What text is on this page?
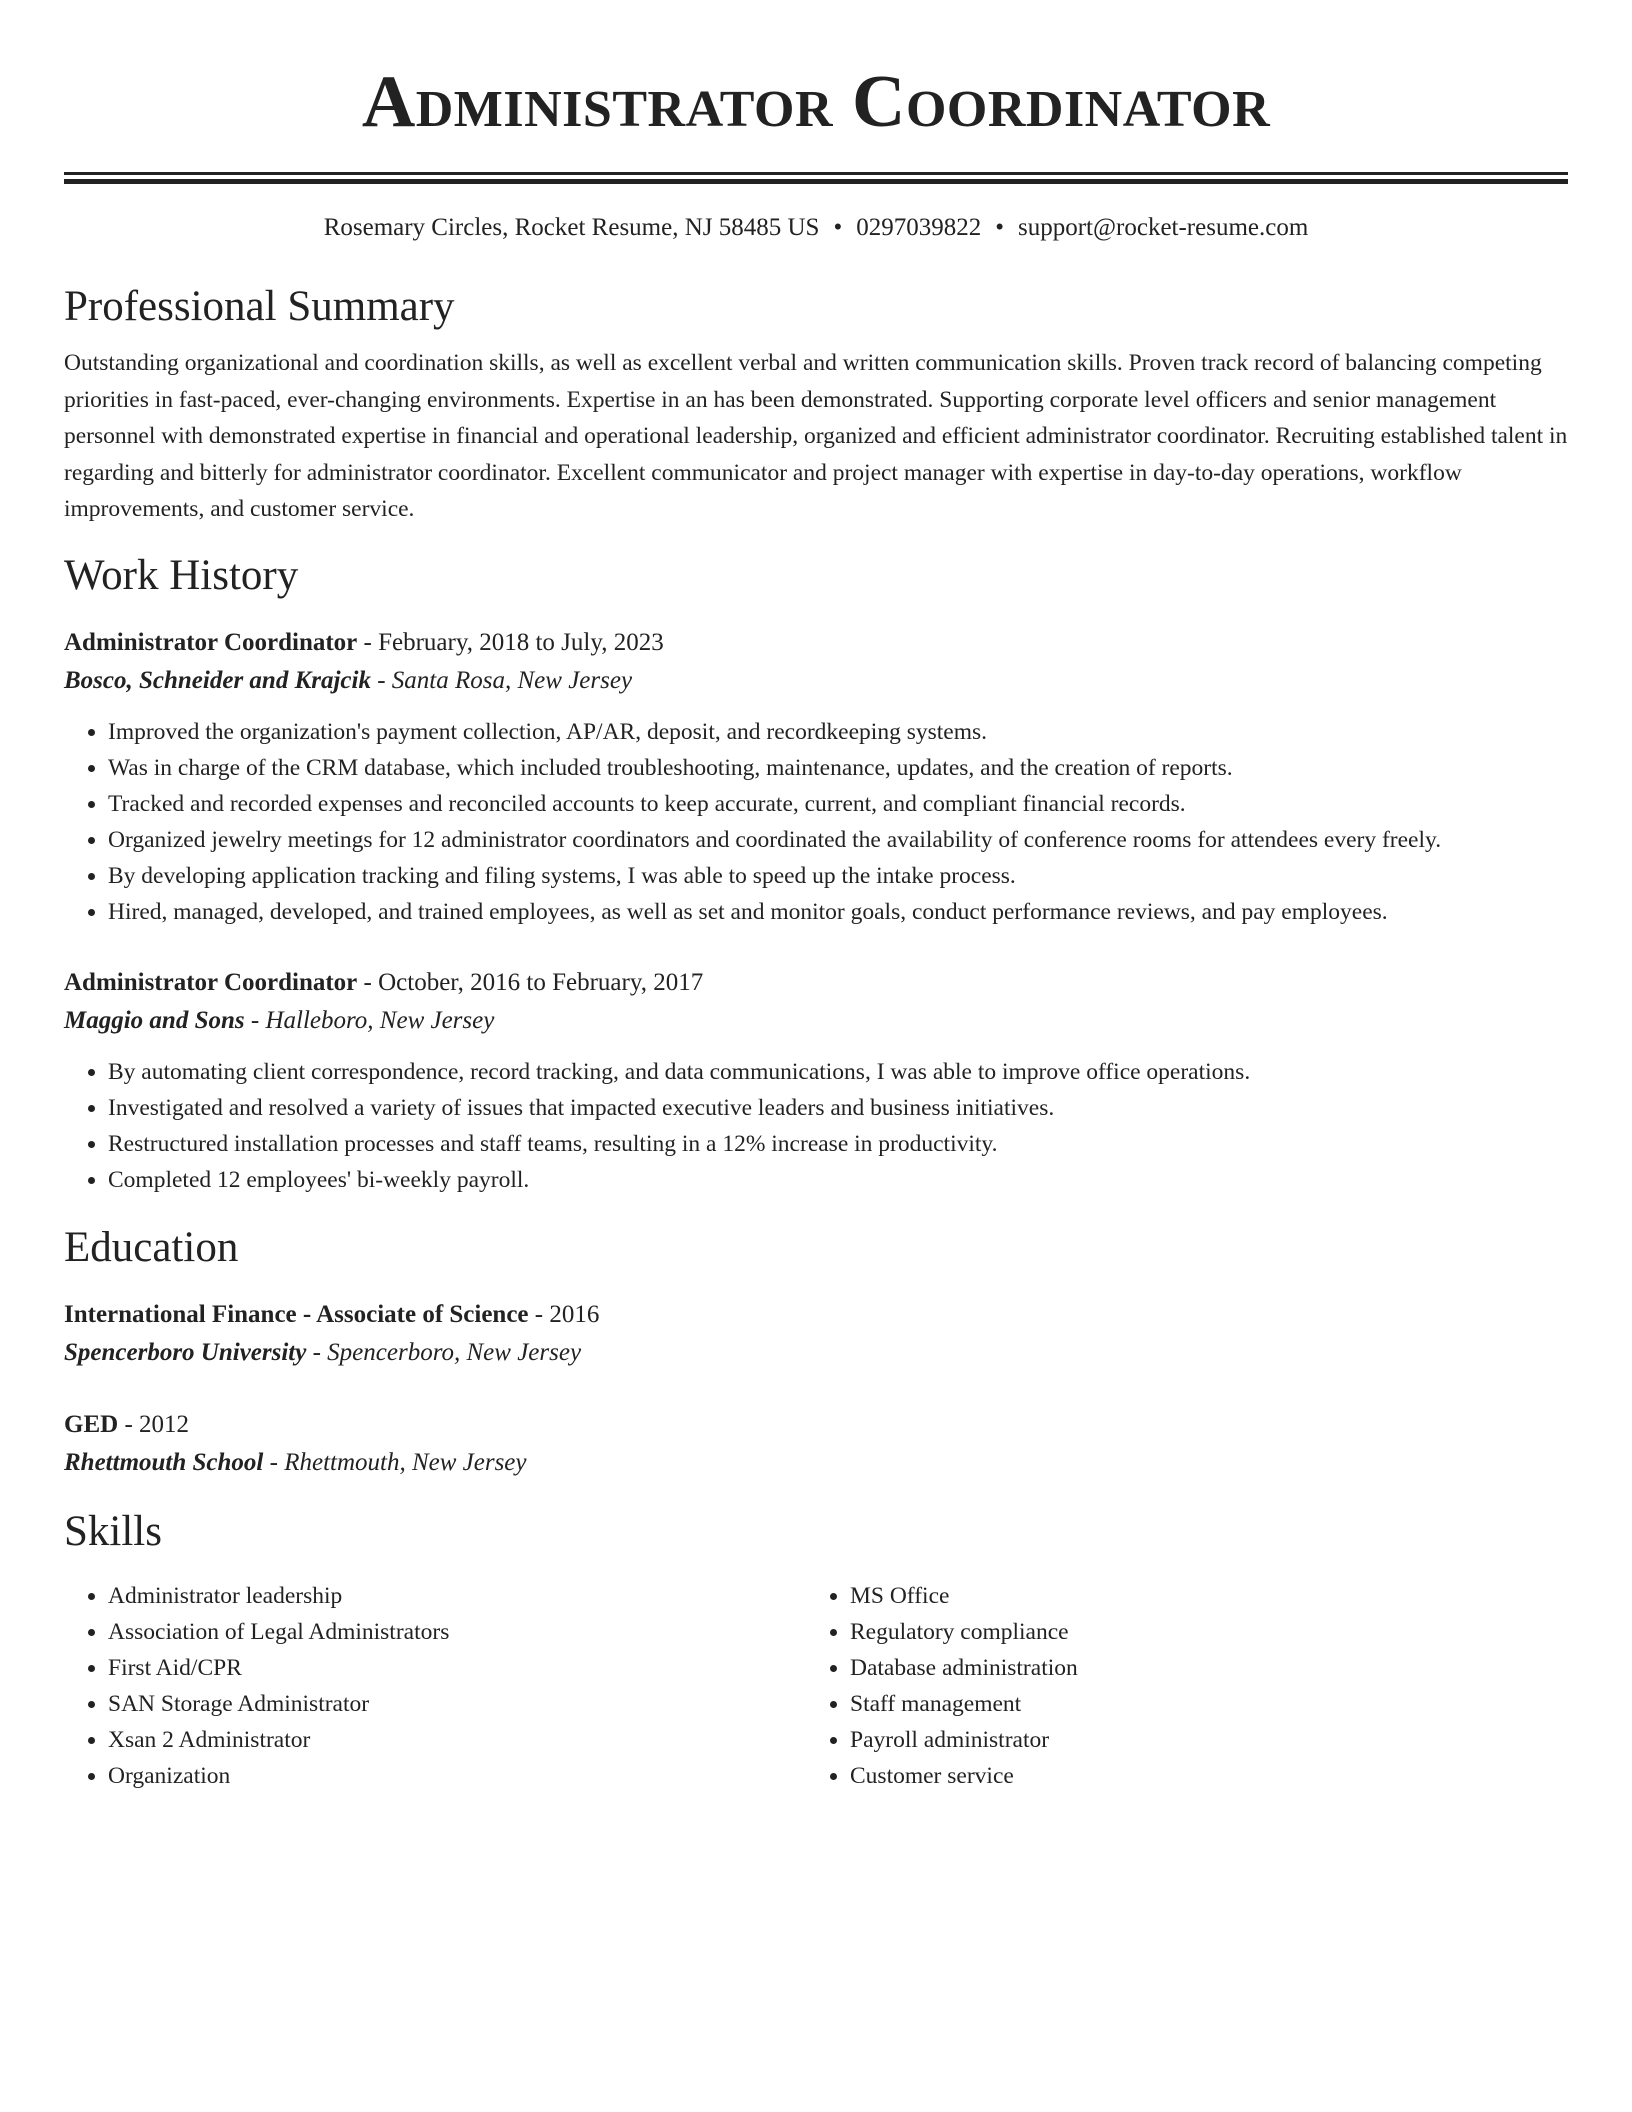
Administrator Coordinator
Rosemary Circles, Rocket Resume, NJ 58485 US • 0297039822 • support@rocket-resume.com
Professional Summary
Outstanding organizational and coordination skills, as well as excellent verbal and written communication skills. Proven track record of balancing competing priorities in fast-paced, ever-changing environments. Expertise in an has been demonstrated. Supporting corporate level officers and senior management personnel with demonstrated expertise in financial and operational leadership, organized and efficient administrator coordinator. Recruiting established talent in regarding and bitterly for administrator coordinator. Excellent communicator and project manager with expertise in day-to-day operations, workflow improvements, and customer service.
Work History
Administrator Coordinator - February, 2018 to July, 2023
Bosco, Schneider and Krajcik - Santa Rosa, New Jersey
• Improved the organization's payment collection, AP/AR, deposit, and recordkeeping systems.
• Was in charge of the CRM database, which included troubleshooting, maintenance, updates, and the creation of reports.
• Tracked and recorded expenses and reconciled accounts to keep accurate, current, and compliant financial records.
• Organized jewelry meetings for 12 administrator coordinators and coordinated the availability of conference rooms for attendees every freely.
• By developing application tracking and filing systems, I was able to speed up the intake process.
• Hired, managed, developed, and trained employees, as well as set and monitor goals, conduct performance reviews, and pay employees.
Administrator Coordinator - October, 2016 to February, 2017
Maggio and Sons - Halleboro, New Jersey
• By automating client correspondence, record tracking, and data communications, I was able to improve office operations.
• Investigated and resolved a variety of issues that impacted executive leaders and business initiatives.
• Restructured installation processes and staff teams, resulting in a 12% increase in productivity.
• Completed 12 employees' bi-weekly payroll.
Education
International Finance - Associate of Science - 2016
Spencerboro University - Spencerboro, New Jersey
GED - 2012
Rhettmouth School - Rhettmouth, New Jersey
Skills
• Administrator leadership
• Association of Legal Administrators
• First Aid/CPR
• SAN Storage Administrator
• Xsan 2 Administrator
• Organization
• MS Office
• Regulatory compliance
• Database administration
• Staff management
• Payroll administrator
• Customer service
